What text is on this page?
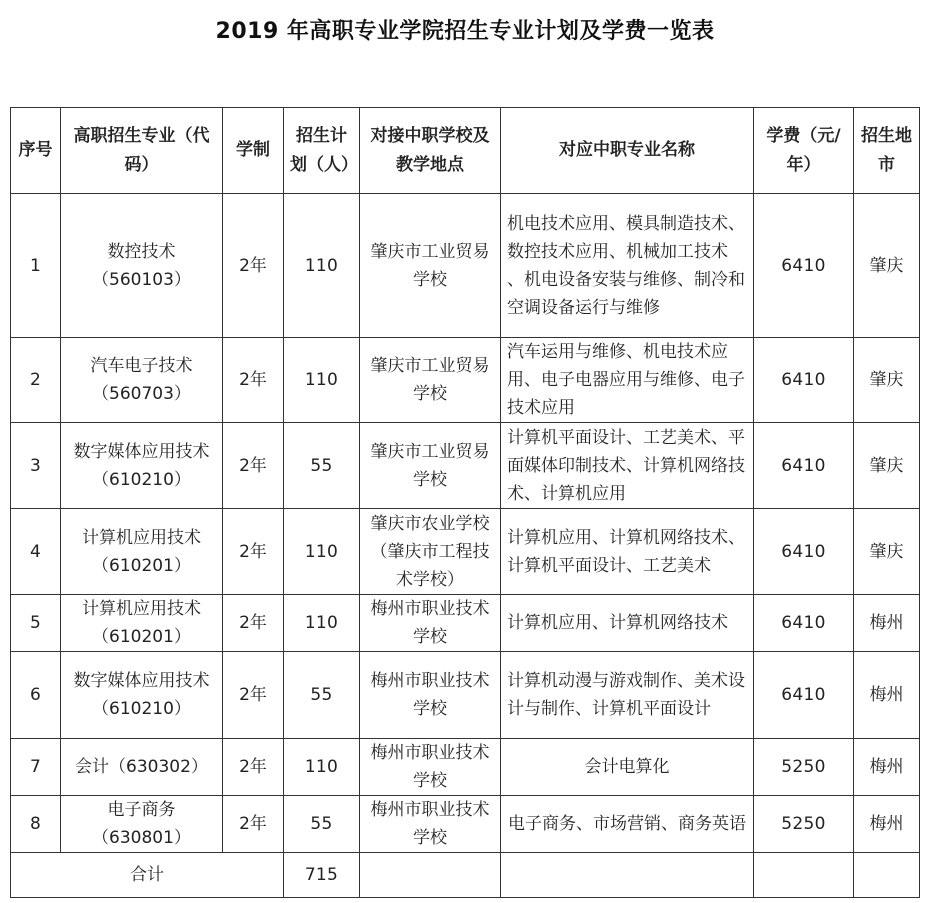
2019 年高职专业学院招生专业计划及学费一览表
序号	高职招生专业（代码）	学制	招生计划（人）	对接中职学校及教学地点	对应中职专业名称	学费（元/年）	招生地市
1	数控技术（560103）	2年	110	肇庆市工业贸易学校	机电技术应用、模具制造技术、数控技术应用、机械加工技术 、机电设备安装与维修、制冷和空调设备运行与维修	6410	肇庆
2	汽车电子技术（560703）	2年	110	肇庆市工业贸易学校	汽车运用与维修、机电技术应用、电子电器应用与维修、电子技术应用	6410	肇庆
3	数字媒体应用技术（610210）	2年	55	肇庆市工业贸易学校	计算机平面设计、工艺美术、平面媒体印制技术、计算机网络技术、计算机应用	6410	肇庆
4	计算机应用技术（610201）	2年	110	肇庆市农业学校（肇庆市工程技术学校）	计算机应用、计算机网络技术、计算机平面设计、工艺美术	6410	肇庆
5	计算机应用技术（610201）	2年	110	梅州市职业技术学校	计算机应用、计算机网络技术	6410	梅州
6	数字媒体应用技术（610210）	2年	55	梅州市职业技术学校	计算机动漫与游戏制作、美术设计与制作、计算机平面设计	6410	梅州
7	会计（630302）	2年	110	梅州市职业技术学校	会计电算化	5250	梅州
8	电子商务（630801）	2年	55	梅州市职业技术学校	电子商务、市场营销、商务英语	5250	梅州
合计			715				
